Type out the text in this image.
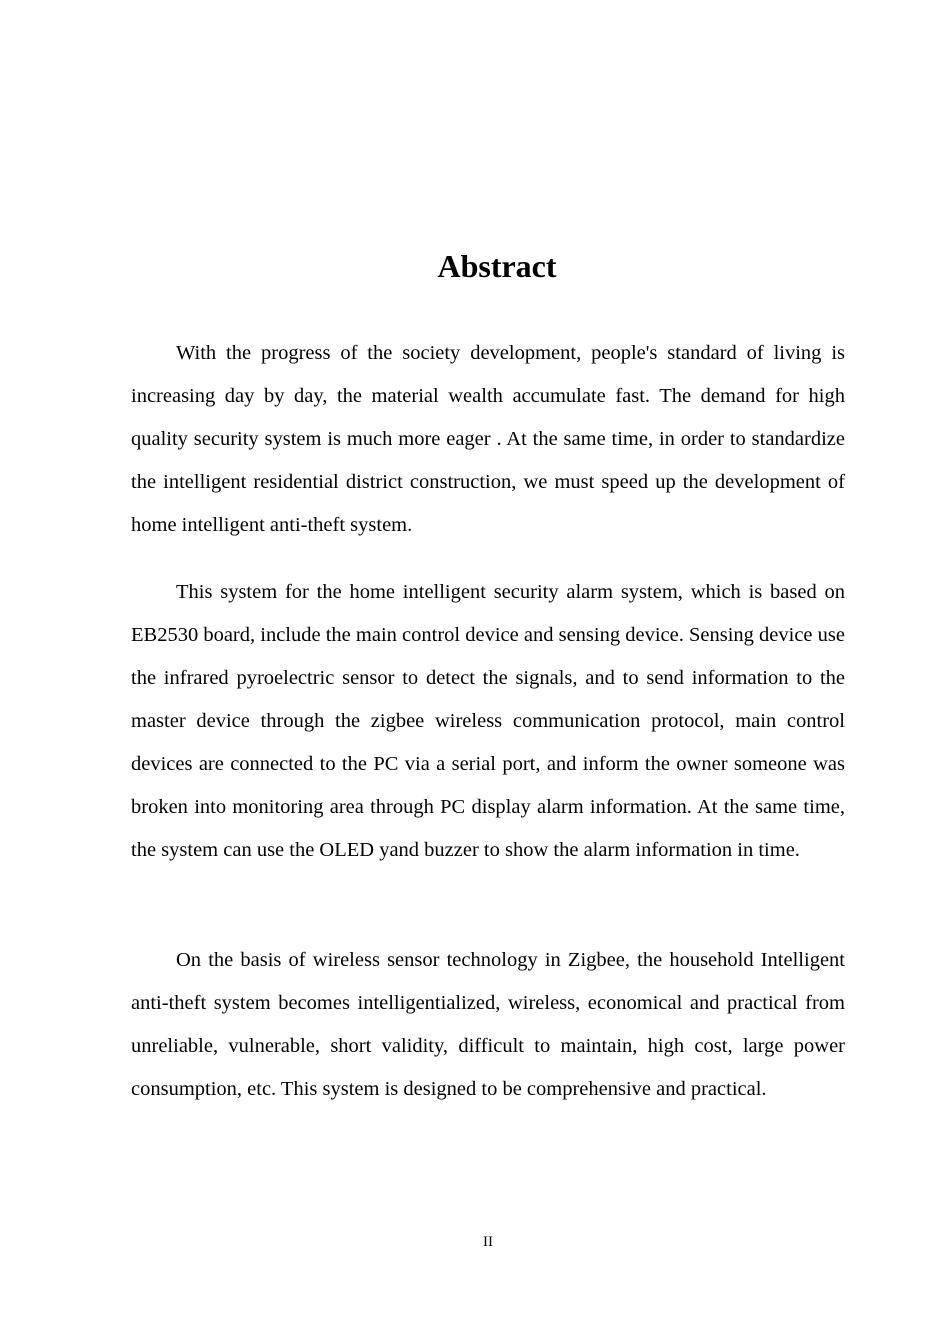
Abstract

With the progress of the society development, people's standard of living is increasing day by day, the material wealth accumulate fast. The demand for high quality security system is much more eager . At the same time, in order to standardize the intelligent residential district construction, we must speed up the development of home intelligent anti-theft system.

This system for the home intelligent security alarm system, which is based on EB2530 board, include the main control device and sensing device. Sensing device use the infrared pyroelectric sensor to detect the signals, and to send information to the master device through the zigbee wireless communication protocol, main control devices are connected to the PC via a serial port, and inform the owner someone was broken into monitoring area through PC display alarm information. At the same time, the system can use the OLED yand buzzer to show the alarm information in time.

On the basis of wireless sensor technology in Zigbee, the household Intelligent anti-theft system becomes intelligentialized, wireless, economical and practical from unreliable, vulnerable, short validity, difficult to maintain, high cost, large power consumption, etc. This system is designed to be comprehensive and practical.

II
